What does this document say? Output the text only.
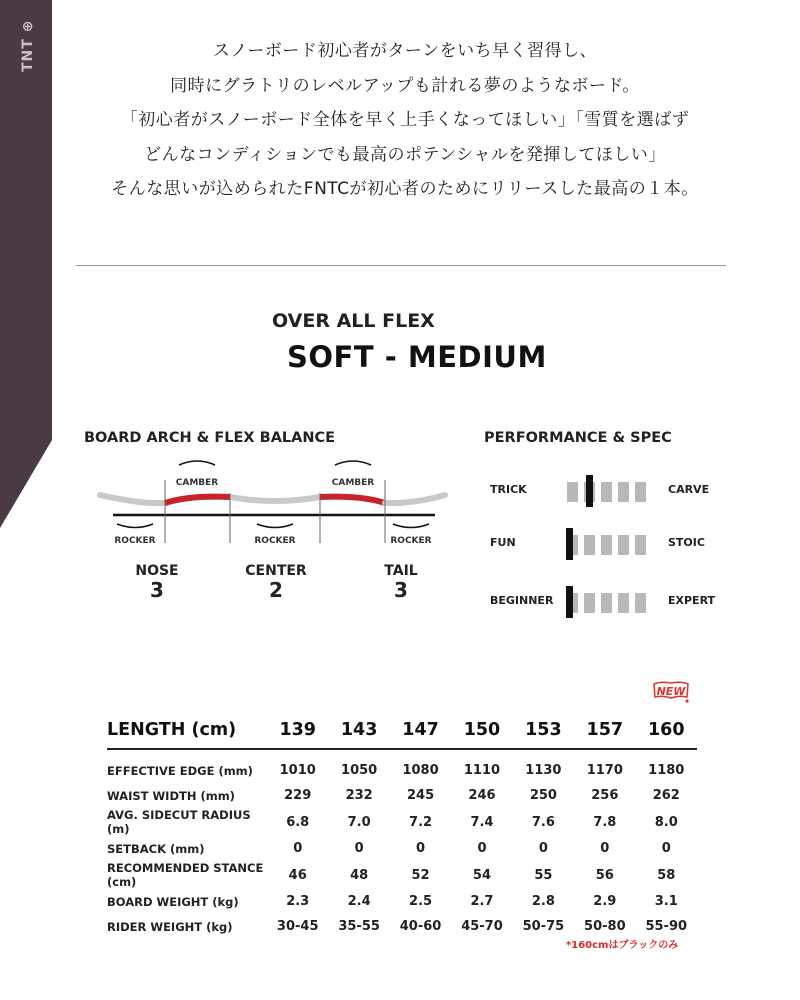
TNT ⊕

スノーボード初心者がターンをいち早く習得し、

同時にグラトリのレベルアップも計れる夢のようなボード。

「初心者がスノーボード全体を早く上手くなってほしい」「雪質を選ばず

どんなコンディションでも最高のポテンシャルを発揮してほしい」

そんな思いが込められたFNTCが初心者のためにリリースした最高の１本。

OVER ALL FLEX
SOFT - MEDIUM
BOARD ARCH & FLEX BALANCE
CAMBER	CAMBER
ROCKER	ROCKER	ROCKER
NOSE
3
CENTER
2
TAIL
3
PERFORMANCE & SPEC
TRICK	CARVE
FUN	STOIC
BEGINNER	EXPERT
NEW
LENGTH (cm)	139	143	147	150	153	157	160
EFFECTIVE EDGE (mm)	1010	1050	1080	1110	1130	1170	1180
WAIST WIDTH (mm)	229	232	245	246	250	256	262
AVG. SIDECUT RADIUS (m)	6.8	7.0	7.2	7.4	7.6	7.8	8.0
SETBACK (mm)	0	0	0	0	0	0	0
RECOMMENDED STANCE (cm)	46	48	52	54	55	56	58
BOARD WEIGHT (kg)	2.3	2.4	2.5	2.7	2.8	2.9	3.1
RIDER WEIGHT (kg)	30-45	35-55	40-60	45-70	50-75	50-80	55-90
*160cmはブラックのみ
